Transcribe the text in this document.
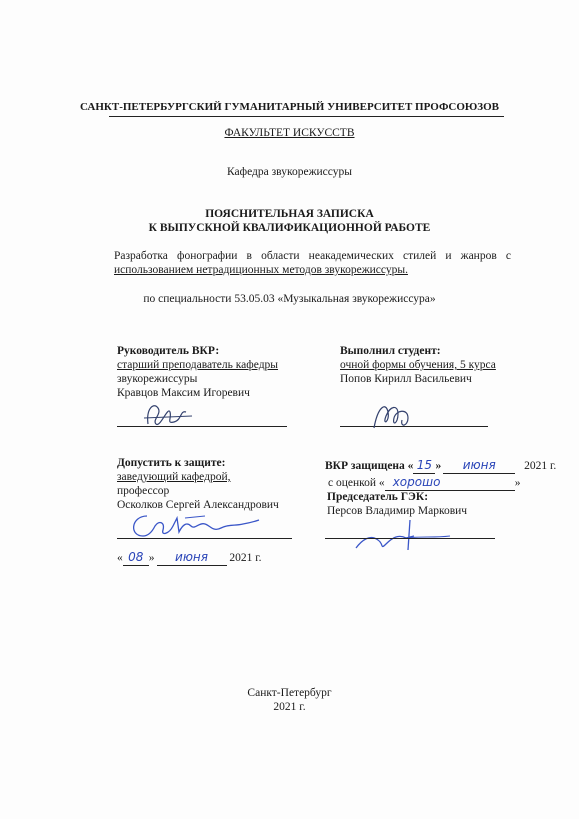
САНКТ-ПЕТЕРБУРГСКИЙ ГУМАНИТАРНЫЙ УНИВЕРСИТЕТ ПРОФСОЮЗОВ
ФАКУЛЬТЕТ ИСКУССТВ
Кафедра звукорежиссуры
ПОЯСНИТЕЛЬНАЯ ЗАПИСКА
К ВЫПУСКНОЙ КВАЛИФИКАЦИОННОЙ РАБОТЕ
Разработка фонографии в области неакадемических стилей и жанров с
использованием нетрадиционных методов звукорежиссуры.
по специальности 53.05.03 «Музыкальная звукорежиссура»
Руководитель ВКР:
старший преподаватель кафедры
звукорежиссуры
Кравцов Максим Игоревич
Выполнил студент:
очной формы обучения, 5 курса
Попов Кирилл Васильевич
Допустить к защите:
заведующий кафедрой,
профессор
Осколков Сергей Александрович
« 08 » июня 2021 г.
ВКР защищена « 15 » июня 2021 г.
с оценкой « хорошо	»
Председатель ГЭК:
Персов Владимир Маркович
Санкт-Петербург
2021 г.
